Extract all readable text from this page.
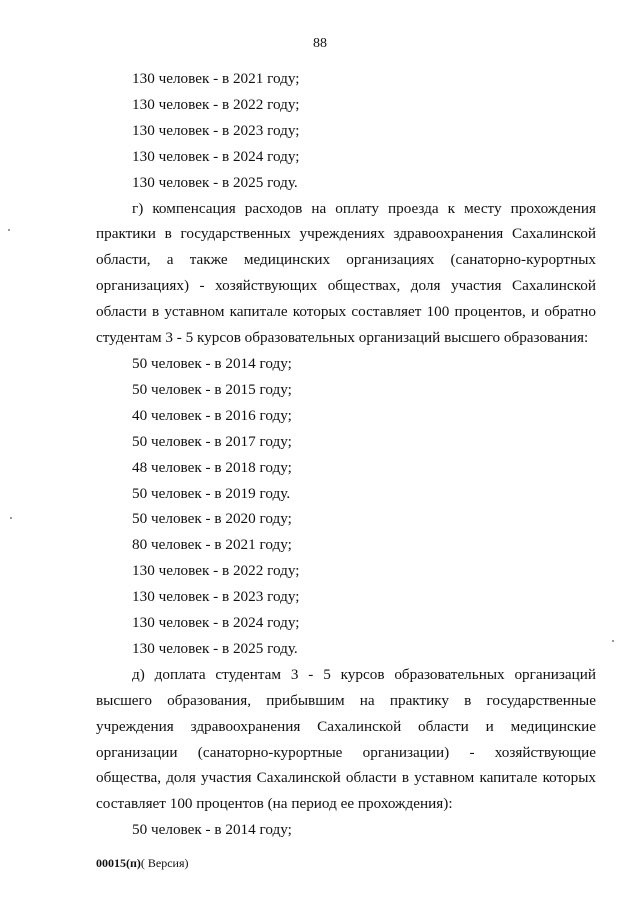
88
130 человек - в 2021 году;
130 человек - в 2022 году;
130 человек - в 2023 году;
130 человек - в 2024 году;
130 человек - в 2025 году.
г) компенсация расходов на оплату проезда к месту прохождения практики в государственных учреждениях здравоохранения Сахалинской области, а также медицинских организациях (санаторно-курортных организациях) - хозяйствующих обществах, доля участия Сахалинской области в уставном капитале которых составляет 100 процентов, и обратно студентам 3 - 5 курсов образовательных организаций высшего образования:
50 человек - в 2014 году;
50 человек - в 2015 году;
40 человек - в 2016 году;
50 человек - в 2017 году;
48 человек - в 2018 году;
50 человек - в 2019 году.
50 человек - в 2020 году;
80 человек - в 2021 году;
130 человек - в 2022 году;
130 человек - в 2023 году;
130 человек - в 2024 году;
130 человек - в 2025 году.
д) доплата студентам 3 - 5 курсов образовательных организаций высшего образования, прибывшим на практику в государственные учреждения здравоохранения Сахалинской области и медицинские организации (санаторно-курортные организации) - хозяйствующие общества, доля участия Сахалинской области в уставном капитале которых составляет 100 процентов (на период ее прохождения):
50 человек - в 2014 году;
00015(п)( Версия)
